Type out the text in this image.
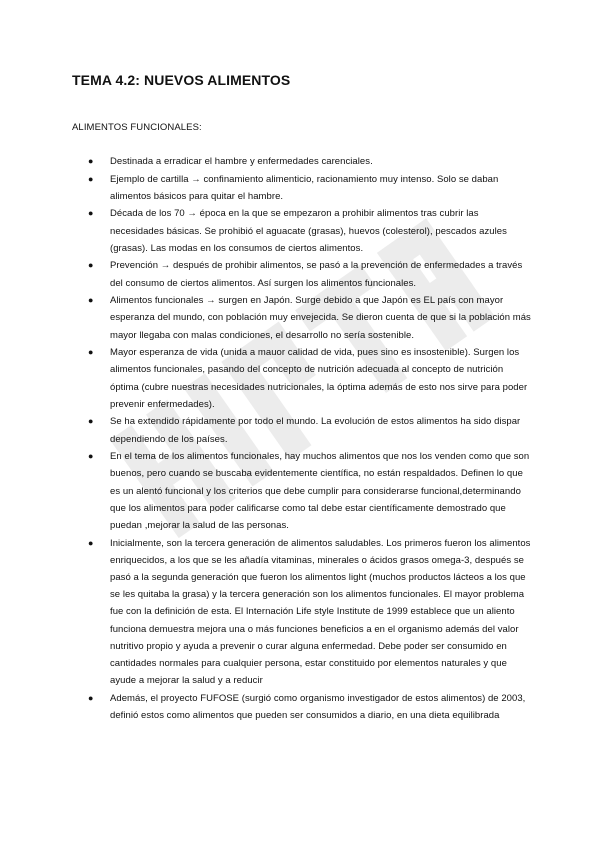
TEMA 4.2: NUEVOS ALIMENTOS
ALIMENTOS FUNCIONALES:
● Destinada a erradicar el hambre y enfermedades carenciales.
● Ejemplo de cartilla → confinamiento alimenticio, racionamiento muy intenso. Solo se daban alimentos básicos para quitar el hambre.
● Década de los 70 → época en la que se empezaron a prohibir alimentos tras cubrir las necesidades básicas. Se prohibió el aguacate (grasas), huevos (colesterol), pescados azules (grasas). Las modas en los consumos de ciertos alimentos.
● Prevención → después de prohibir alimentos, se pasó a la prevención de enfermedades a través del consumo de ciertos alimentos. Así surgen los alimentos funcionales.
● Alimentos funcionales → surgen en Japón. Surge debido a que Japón es EL país con mayor esperanza del mundo, con población muy envejecida. Se dieron cuenta de que si la población más mayor llegaba con malas condiciones, el desarrollo no sería sostenible.
● Mayor esperanza de vida (unida a mauor calidad de vida, pues sino es insostenible). Surgen los alimentos funcionales, pasando del concepto de nutrición adecuada al concepto de nutrición óptima (cubre nuestras necesidades nutricionales, la óptima además de esto nos sirve para poder prevenir enfermedades).
● Se ha extendido rápidamente por todo el mundo. La evolución de estos alimentos ha sido dispar dependiendo de los países.
● En el tema de los alimentos funcionales, hay muchos alimentos que nos los venden como que son buenos, pero cuando se buscaba evidentemente científica, no están respaldados. Definen lo que es un alentó funcional y los criterios que debe cumplir para considerarse funcional,determinando que los alimentos para poder calificarse como tal debe estar científicamente demostrado que puedan ,mejorar la salud de las personas.
● Inicialmente, son la tercera generación de alimentos saludables. Los primeros fueron los alimentos enriquecidos, a los que se les añadía vitaminas, minerales o ácidos grasos omega-3, después se pasó a la segunda generación que fueron los alimentos light (muchos productos lácteos a los que se les quitaba la grasa) y la tercera generación son los alimentos funcionales. El mayor problema fue con la definición de esta. El Internación Life style Institute de 1999 establece que un aliento funciona demuestra mejora una o más funciones beneficios a en el organismo además del valor nutritivo propio y ayuda a prevenir o curar alguna enfermedad. Debe poder ser consumido en cantidades normales para cualquier persona, estar constituido por elementos naturales y que ayude a mejorar la salud y a reducir
● Además, el proyecto FUFOSE (surgió como organismo investigador de estos alimentos) de 2003, definió estos como alimentos que pueden ser consumidos a diario, en una dieta equilibrada
